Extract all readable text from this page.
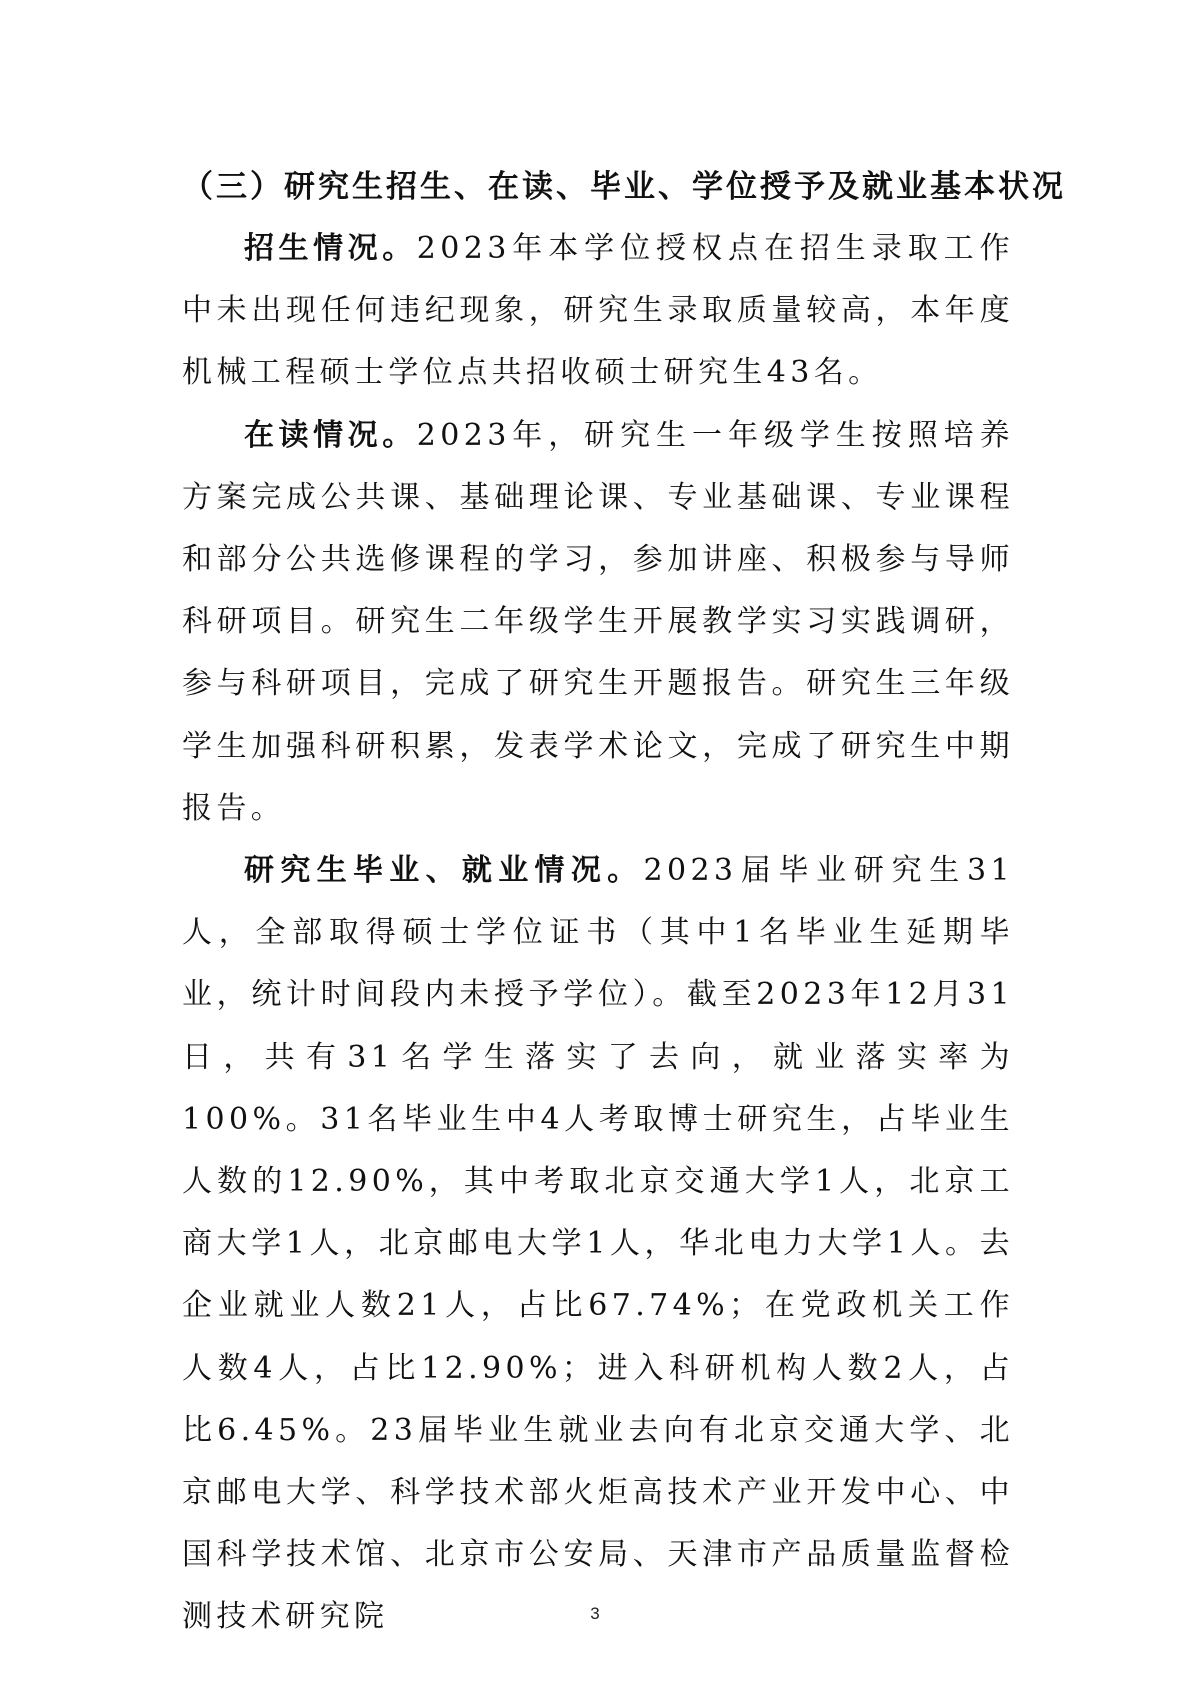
（三）研究生招生、在读、毕业、学位授予及就业基本状况

招生情况。2023年本学位授权点在招生录取工作中未出现任何违纪现象，研究生录取质量较高，本年度机械工程硕士学位点共招收硕士研究生43名。

在读情况。2023年，研究生一年级学生按照培养方案完成公共课、基础理论课、专业基础课、专业课程和部分公共选修课程的学习，参加讲座、积极参与导师科研项目。研究生二年级学生开展教学实习实践调研，参与科研项目，完成了研究生开题报告。研究生三年级学生加强科研积累，发表学术论文，完成了研究生中期报告。

研究生毕业、就业情况。2023届毕业研究生31人，全部取得硕士学位证书（其中1名毕业生延期毕业，统计时间段内未授予学位）。截至2023年12月31日，共有31名学生落实了去向，就业落实率为100%。31名毕业生中4人考取博士研究生，占毕业生人数的12.90%，其中考取北京交通大学1人，北京工商大学1人，北京邮电大学1人，华北电力大学1人。去企业就业人数21人，占比67.74%；在党政机关工作人数4人，占比12.90%；进入科研机构人数2人，占比6.45%。23届毕业生就业去向有北京交通大学、北京邮电大学、科学技术部火炬高技术产业开发中心、中国科学技术馆、北京市公安局、天津市产品质量监督检测技术研究院	3
